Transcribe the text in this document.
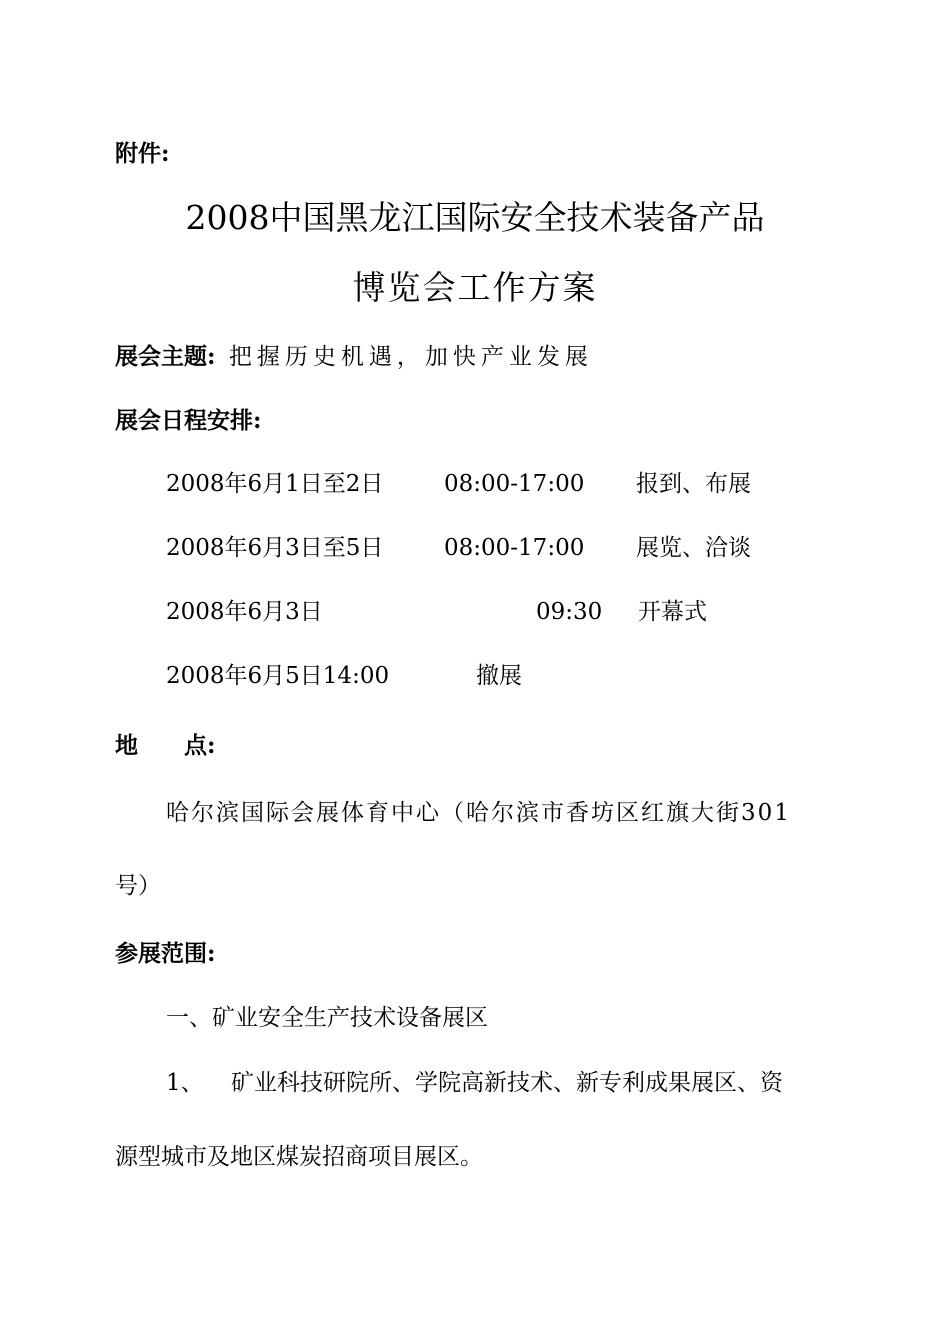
附件:
2008中国黑龙江国际安全技术装备产品
博览会工作方案
展会主题: 把握历史机遇，加快产业发展
展会日程安排:
2008年6月1日至2日	08:00-17:00 报到、布展
2008年6月3日至5日	08:00-17:00 展览、洽谈
2008年6月3日	09:30 开幕式
2008年6月5日14:00	撤展
地　　点:
哈尔滨国际会展体育中心（哈尔滨市香坊区红旗大街301
号）
参展范围:
一、矿业安全生产技术设备展区
1、 矿业科技研院所、学院高新技术、新专利成果展区、资
源型城市及地区煤炭招商项目展区。
